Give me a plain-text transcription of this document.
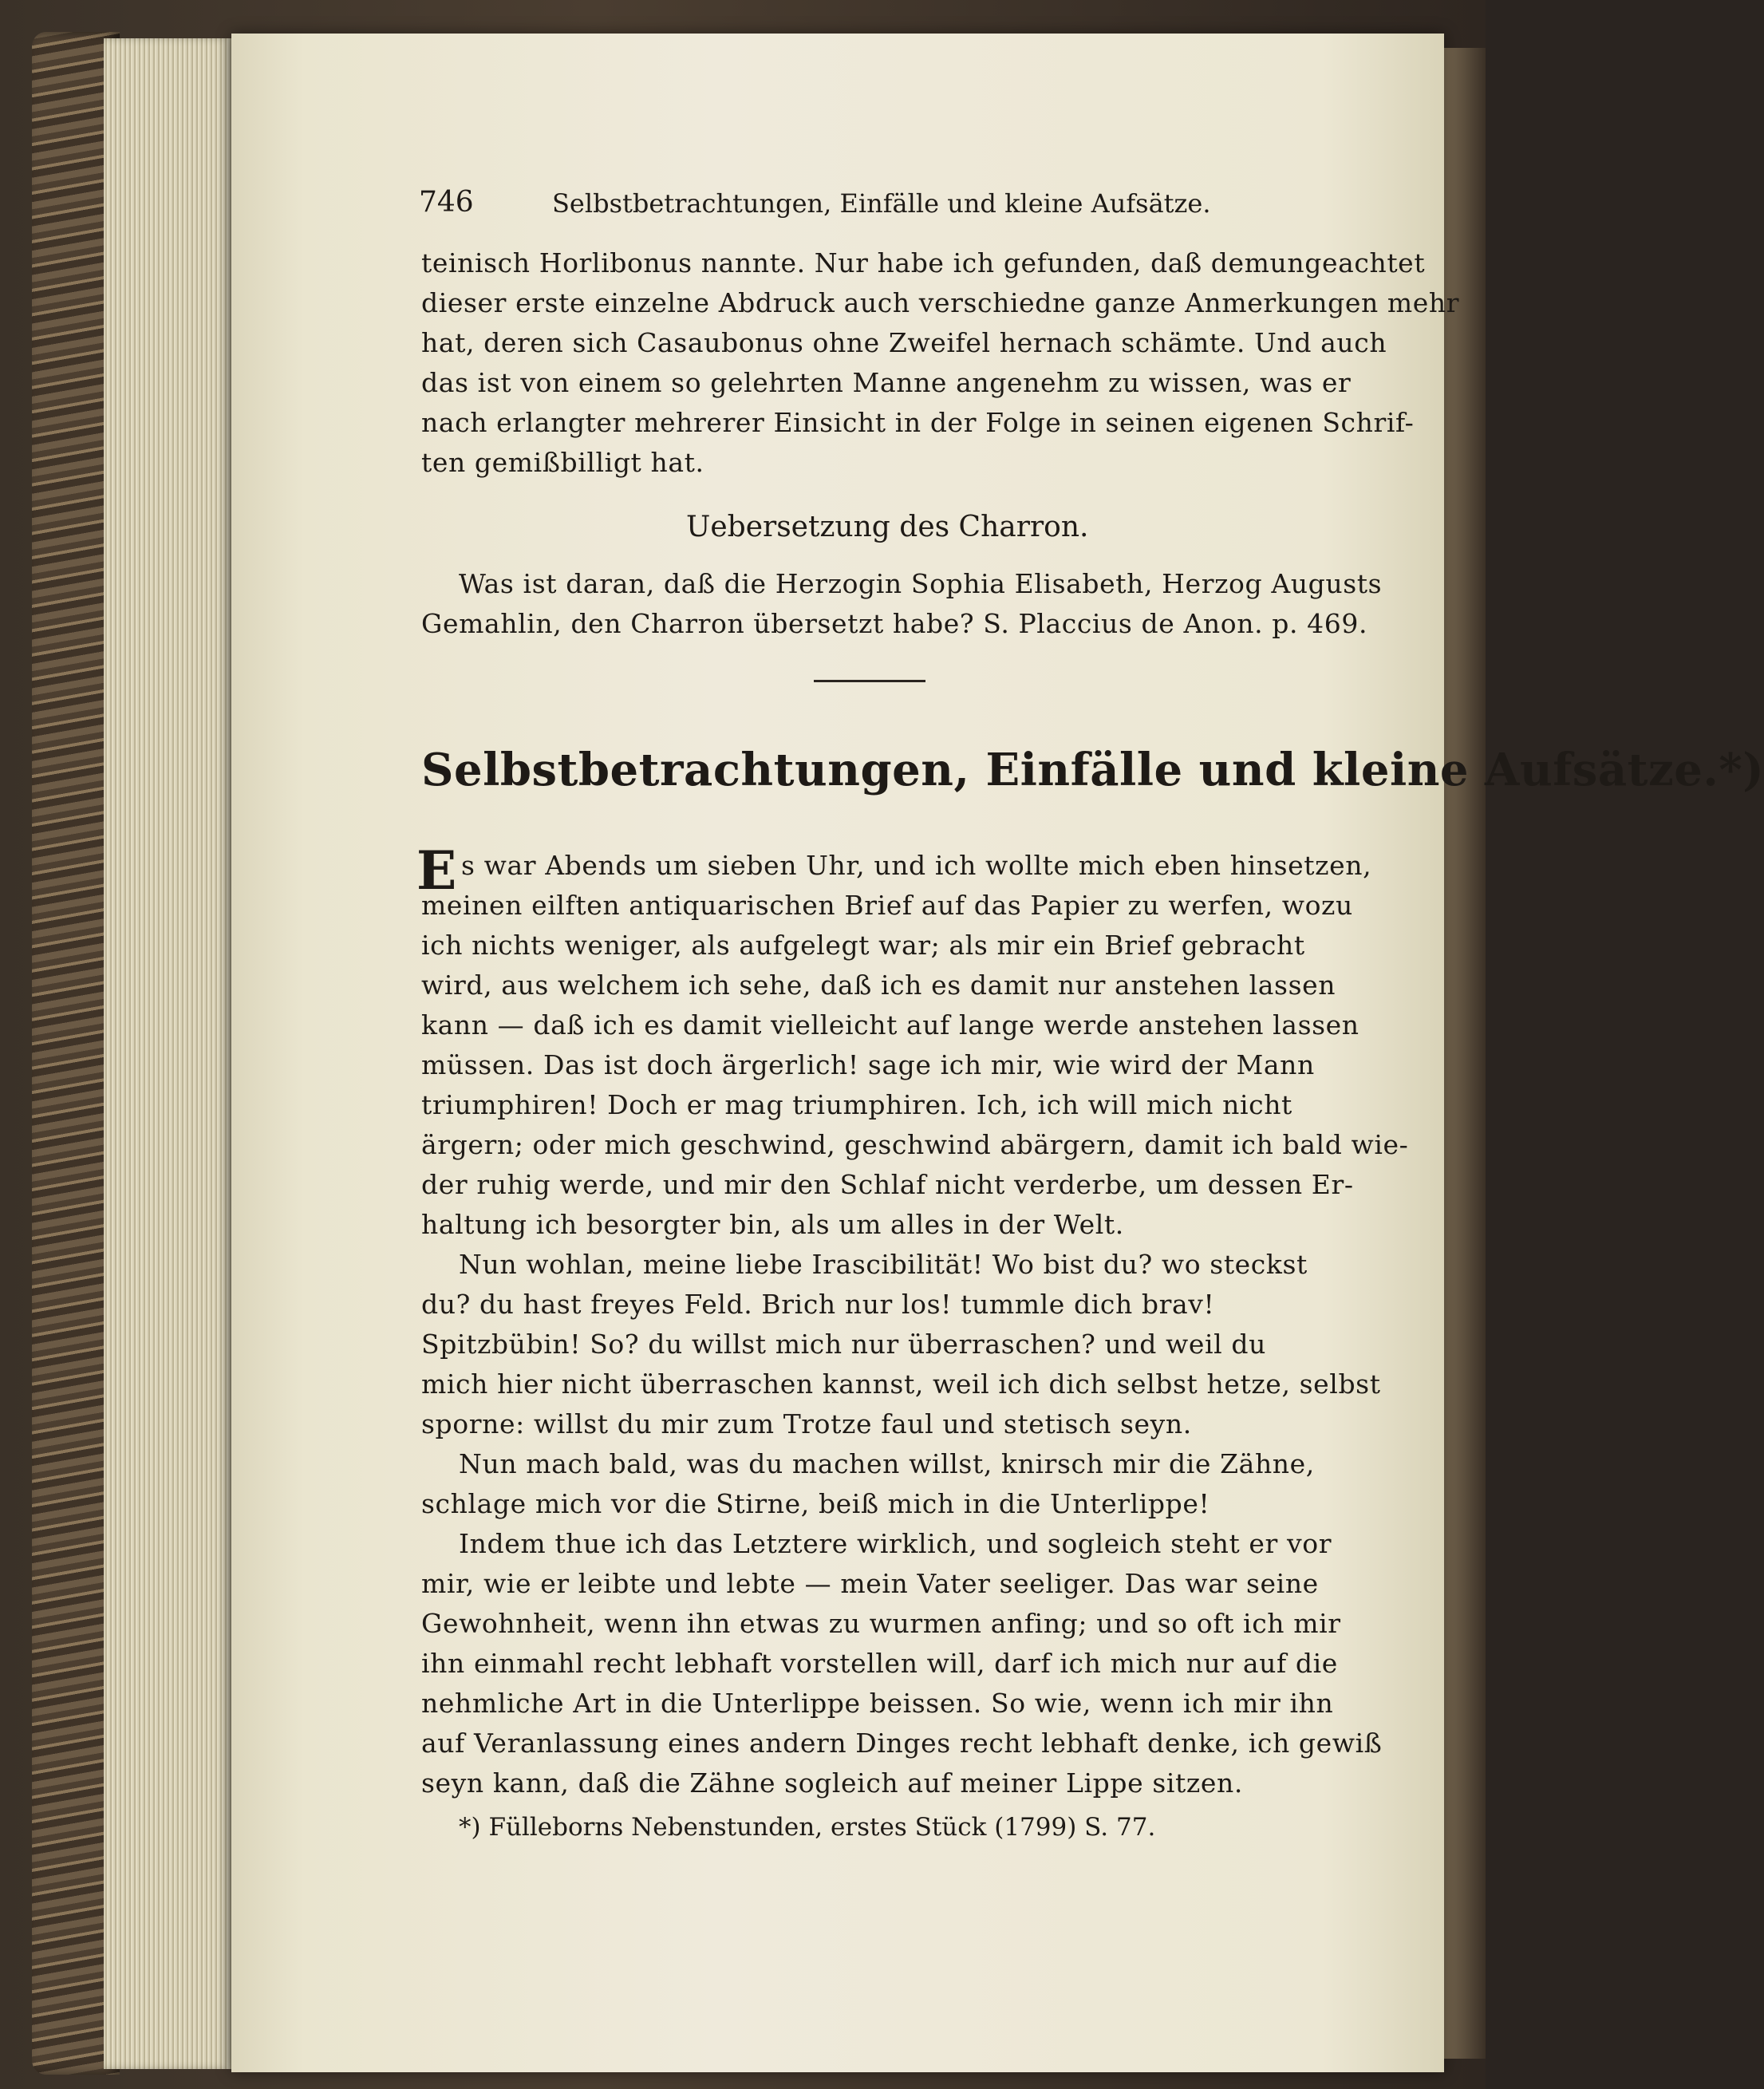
746	Selbstbetrachtungen, Einfälle und kleine Aufsätze.
teinisch Horlibonus nannte. Nur habe ich gefunden, daß demungeachtet
dieser erste einzelne Abdruck auch verschiedne ganze Anmerkungen mehr
hat, deren sich Casaubonus ohne Zweifel hernach schämte. Und auch
das ist von einem so gelehrten Manne angenehm zu wissen, was er
nach erlangter mehrerer Einsicht in der Folge in seinen eigenen Schrif-
ten gemißbilligt hat.
Uebersetzung des Charron.
Was ist daran, daß die Herzogin Sophia Elisabeth, Herzog Augusts
Gemahlin, den Charron übersetzt habe? S. Placcius de Anon. p. 469.
Selbstbetrachtungen, Einfälle und kleine Aufsätze.*)
E s war Abends um sieben Uhr, und ich wollte mich eben hinsetzen,
meinen eilften antiquarischen Brief auf das Papier zu werfen, wozu
ich nichts weniger, als aufgelegt war; als mir ein Brief gebracht
wird, aus welchem ich sehe, daß ich es damit nur anstehen lassen
kann — daß ich es damit vielleicht auf lange werde anstehen lassen
müssen. Das ist doch ärgerlich! sage ich mir, wie wird der Mann
triumphiren! Doch er mag triumphiren. Ich, ich will mich nicht
ärgern; oder mich geschwind, geschwind abärgern, damit ich bald wie-
der ruhig werde, und mir den Schlaf nicht verderbe, um dessen Er-
haltung ich besorgter bin, als um alles in der Welt.
Nun wohlan, meine liebe Irascibilität! Wo bist du? wo steckst
du? du hast freyes Feld. Brich nur los! tummle dich brav!
Spitzbübin! So? du willst mich nur überraschen? und weil du
mich hier nicht überraschen kannst, weil ich dich selbst hetze, selbst
sporne: willst du mir zum Trotze faul und stetisch seyn.
Nun mach bald, was du machen willst, knirsch mir die Zähne,
schlage mich vor die Stirne, beiß mich in die Unterlippe!
Indem thue ich das Letztere wirklich, und sogleich steht er vor
mir, wie er leibte und lebte — mein Vater seeliger. Das war seine
Gewohnheit, wenn ihn etwas zu wurmen anfing; und so oft ich mir
ihn einmahl recht lebhaft vorstellen will, darf ich mich nur auf die
nehmliche Art in die Unterlippe beissen. So wie, wenn ich mir ihn
auf Veranlassung eines andern Dinges recht lebhaft denke, ich gewiß
seyn kann, daß die Zähne sogleich auf meiner Lippe sitzen.
*) Fülleborns Nebenstunden, erstes Stück (1799) S. 77.
